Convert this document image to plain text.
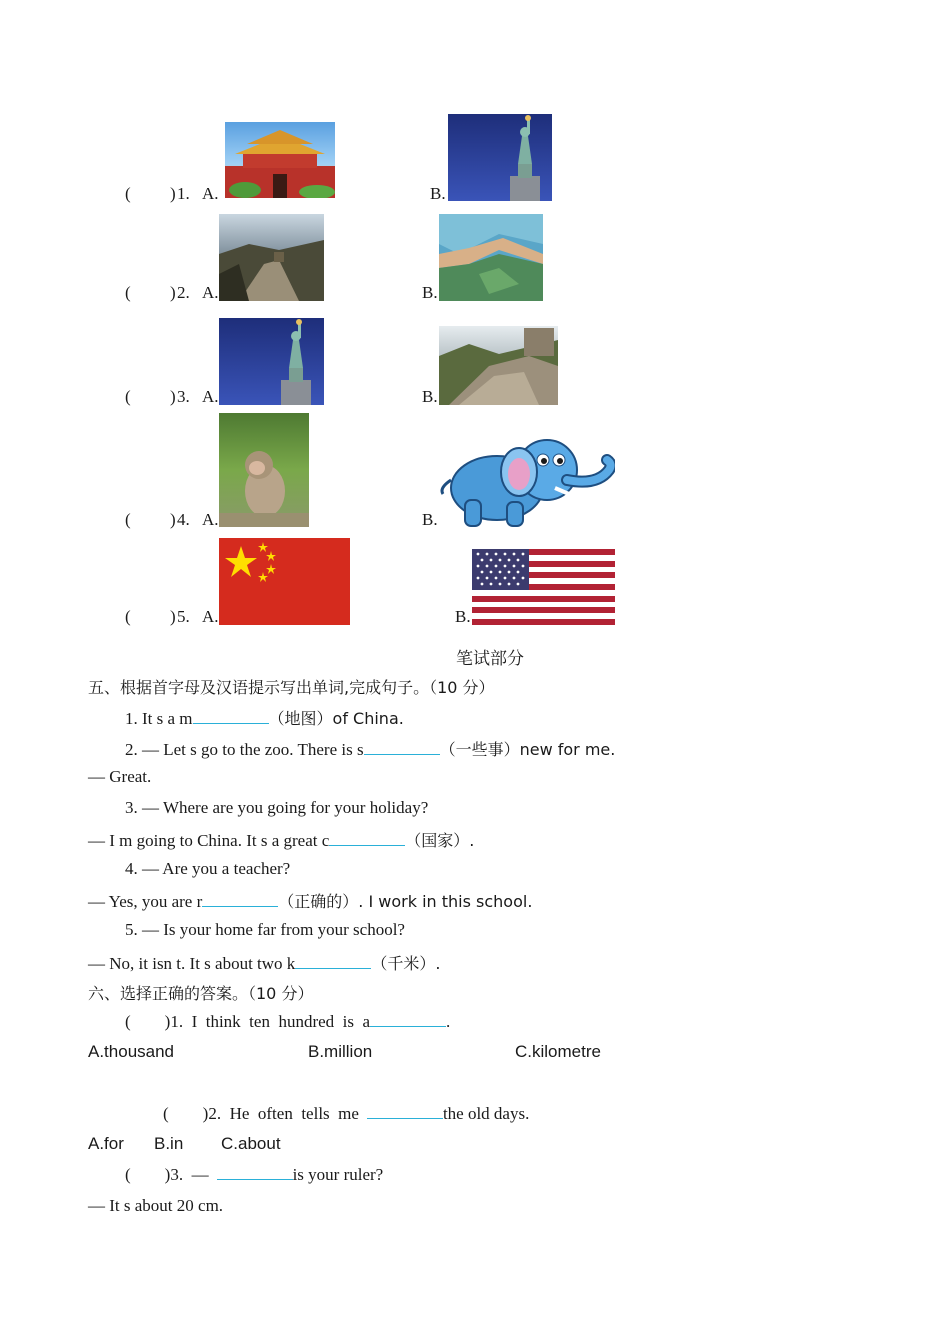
( ) 1. A.	B.
( ) 2. A.	B.
( ) 3. A.	B.
( ) 4. A.	B.
( ) 5. A.	B.
笔试部分
五、根据首字母及汉语提示写出单词,完成句子。（10 分）
1. It s a m	（地图）of China.
2. — Let s go to the zoo. There is s	（一些事）new for me.
— Great.
3. — Where are you going for your holiday?
— I m going to China. It s a great c	（国家）.
4. — Are you a teacher?
— Yes, you are r	（正确的）. I work in this school.
5. — Is your home far from your school?
— No, it isn t. It s about two k	（千米）.
六、选择正确的答案。（10 分）
(        )1.  I  think  ten  hundred  is  a	.
A.thousand	B.million	C.kilometre
(        )2.  He  often  tells  me	the old days.
A.for B.in C.about
(        )3.  —	is your ruler?
— It s about 20 cm.
